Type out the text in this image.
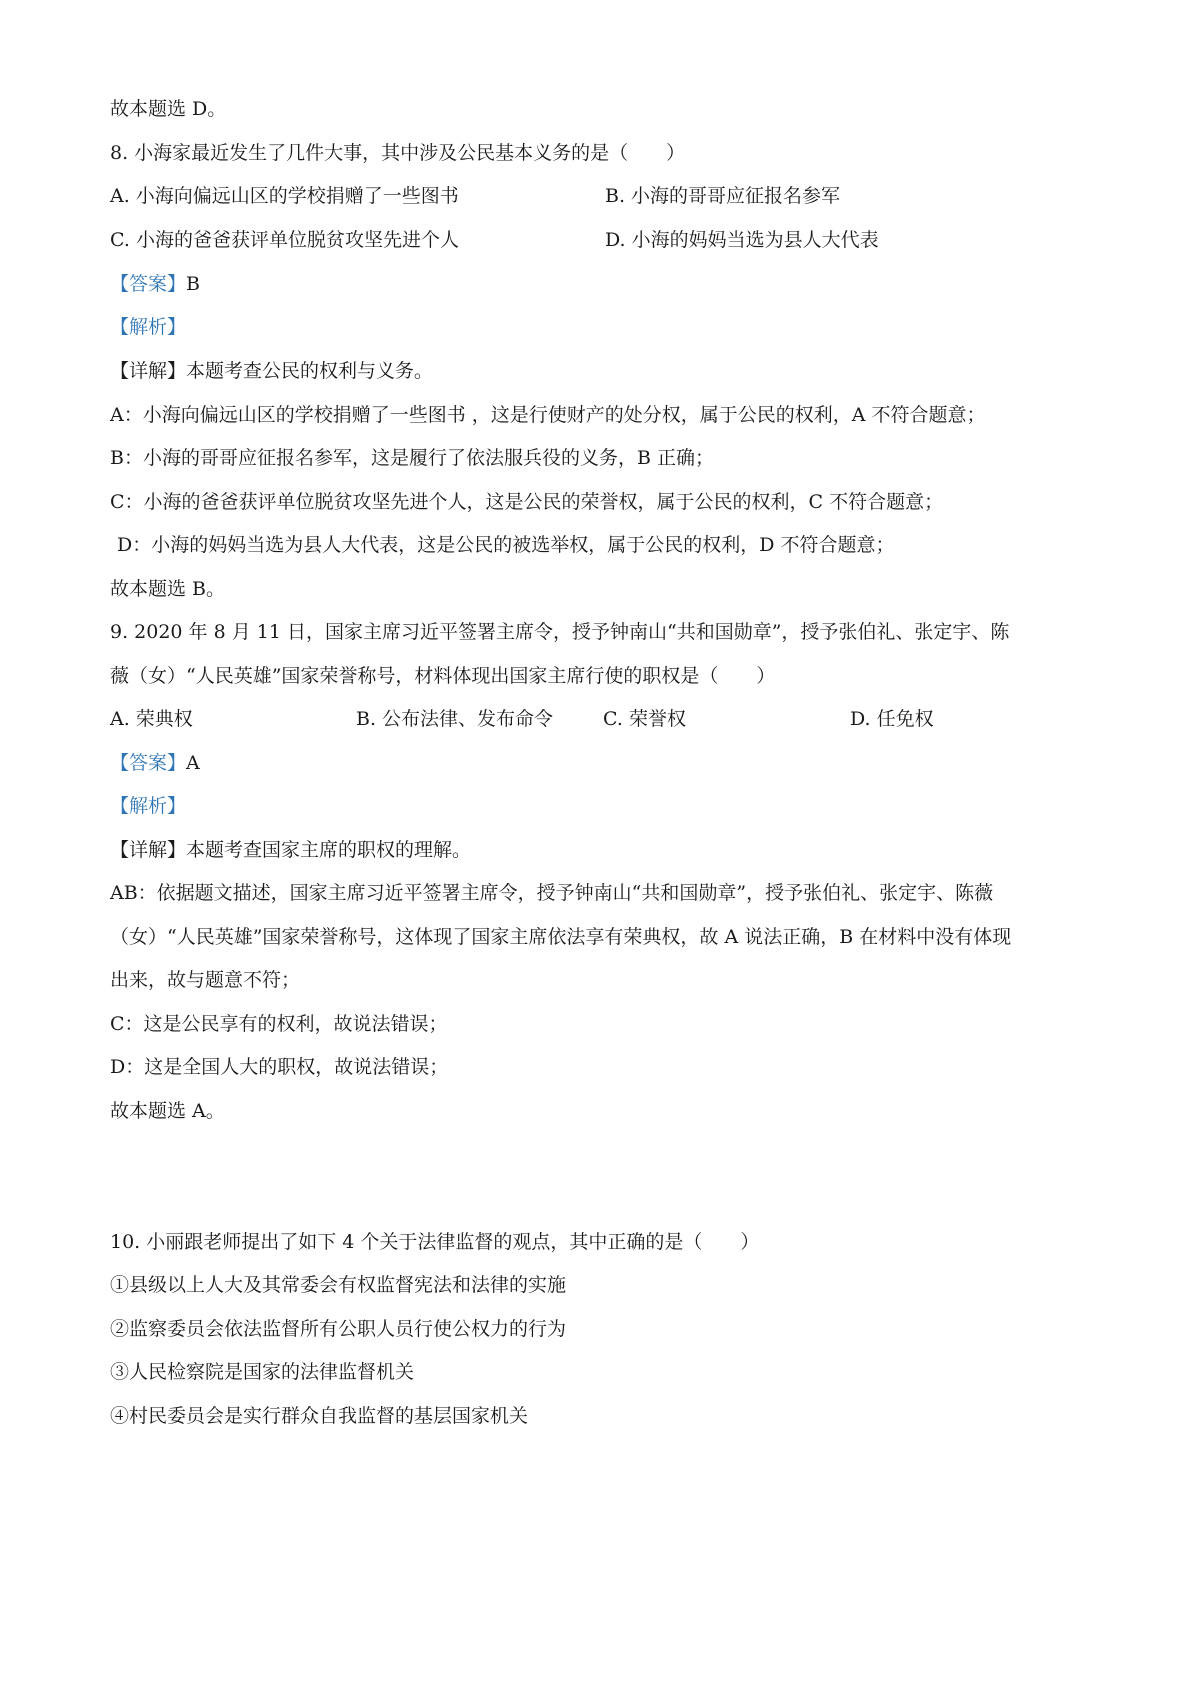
故本题选 D。
8. 小海家最近发生了几件大事，其中涉及公民基本义务的是（　　）
A. 小海向偏远山区的学校捐赠了一些图书	B. 小海的哥哥应征报名参军
C. 小海的爸爸获评单位脱贫攻坚先进个人	D. 小海的妈妈当选为县人大代表
【答案】B
【解析】
【详解】本题考查公民的权利与义务。
A：小海向偏远山区的学校捐赠了一些图书 ，这是行使财产的处分权，属于公民的权利，A 不符合题意；
B：小海的哥哥应征报名参军，这是履行了依法服兵役的义务，B 正确；
C：小海的爸爸获评单位脱贫攻坚先进个人，这是公民的荣誉权，属于公民的权利，C 不符合题意；
D：小海的妈妈当选为县人大代表，这是公民的被选举权，属于公民的权利，D 不符合题意；
故本题选 B。
9. 2020 年 8 月 11 日，国家主席习近平签署主席令，授予钟南山“共和国勋章”，授予张伯礼、张定宇、陈
薇（女）“人民英雄”国家荣誉称号，材料体现出国家主席行使的职权是（　　）
A. 荣典权	B. 公布法律、发布命令	C. 荣誉权	D. 任免权
【答案】A
【解析】
【详解】本题考查国家主席的职权的理解。
AB：依据题文描述，国家主席习近平签署主席令，授予钟南山“共和国勋章”，授予张伯礼、张定宇、陈薇
（女）“人民英雄”国家荣誉称号，这体现了国家主席依法享有荣典权，故 A 说法正确，B 在材料中没有体现
出来，故与题意不符；
C：这是公民享有的权利，故说法错误；
D：这是全国人大的职权，故说法错误；
故本题选 A。
10. 小丽跟老师提出了如下 4 个关于法律监督的观点，其中正确的是（　　）
①县级以上人大及其常委会有权监督宪法和法律的实施
②监察委员会依法监督所有公职人员行使公权力的行为
③人民检察院是国家的法律监督机关
④村民委员会是实行群众自我监督的基层国家机关
